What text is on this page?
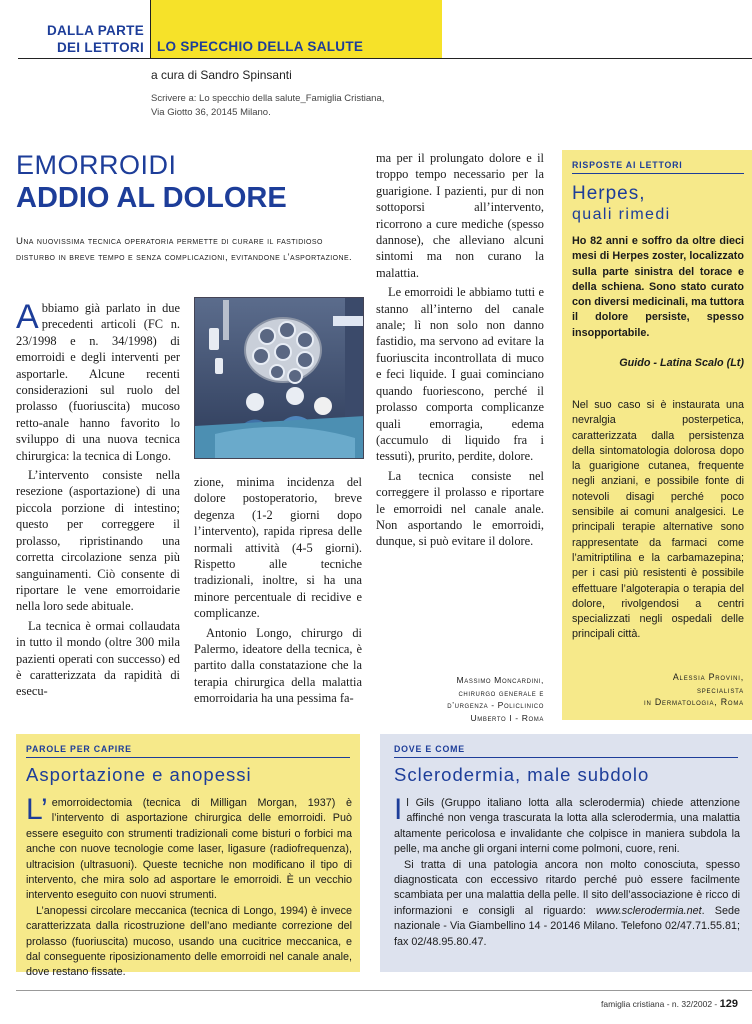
DALLA PARTE
DEI LETTORI LO SPECCHIO DELLA SALUTE
a cura di Sandro Spinsanti
Scrivere a: Lo specchio della salute_Famiglia Cristiana,
Via Giotto 36, 20145 Milano.
EMORROIDI
ADDIO AL DOLORE
Una nuovissima tecnica operatoria permette di curare il fastidioso disturbo in breve tempo e senza complicazioni, evitandone l’asportazione.

Abbiamo già parlato in due precedenti articoli (FC n. 23/1998 e n. 34/1998) di emorroidi e degli interventi per asportarle. Alcune recenti considerazioni sul ruolo del prolasso (fuoriuscita) mucoso retto-anale hanno favorito lo sviluppo di una nuova tecnica chirurgica: la tecnica di Longo.

L’intervento consiste nella resezione (asportazione) di una piccola porzione di intestino; questo per correggere il prolasso, ripristinando una corretta circolazione senza più sanguinamenti. Ciò consente di riportare le vene emorroidarie nella loro sede abituale.

La tecnica è ormai collaudata in tutto il mondo (oltre 300 mila pazienti operati con successo) ed è caratterizzata da rapidità di esecu-

zione, minima incidenza del dolore postoperatorio, breve degenza (1-2 giorni dopo l’intervento), rapida ripresa delle normali attività (4-5 giorni). Rispetto alle tecniche tradizionali, inoltre, si ha una minore percentuale di recidive e complicanze.

Antonio Longo, chirurgo di Palermo, ideatore della tecnica, è partito dalla constatazione che la terapia chirurgica della malattia emorroidaria ha una pessima fa-

ma per il prolungato dolore e il troppo tempo necessario per la guarigione. I pazienti, pur di non sottoporsi all’intervento, ricorrono a cure mediche (spesso dannose), che alleviano alcuni sintomi ma non curano la malattia.

Le emorroidi le abbiamo tutti e stanno all’interno del canale anale; lì non solo non danno fastidio, ma servono ad evitare la fuoriuscita incontrollata di muco e feci liquide. I guai cominciano quando fuoriescono, perché il prolasso comporta complicanze quali emorragia, edema (accumulo di liquido fra i tessuti), prurito, perdite, dolore.

La tecnica consiste nel correggere il prolasso e riportare le emorroidi nel canale anale. Non asportando le emorroidi, dunque, si può evitare il dolore.

Massimo Moncardini,
chirurgo generale e
d’urgenza - Policlinico
Umberto I - Roma
RISPOSTE AI LETTORI
Herpes,
quali rimedi
Ho 82 anni e soffro da oltre dieci mesi di Herpes zoster, localizzato sulla parte sinistra del torace e della schiena. Sono stato curato con diversi medicinali, ma tuttora il dolore persiste, spesso insopportabile.
Guido - Latina Scalo (Lt)

Nel suo caso si è instaurata una nevralgia posterpetica, caratterizzata dalla persistenza della sintomatologia dolorosa dopo la guarigione cutanea, frequente negli anziani, e possibile fonte di notevoli disagi perché poco sensibile ai comuni analgesici. Le principali terapie alternative sono rappresentate da farmaci come l’amitriptilina e la carbamazepina; per i casi più resistenti è possibile effettuare l’algoterapia o terapia del dolore, rivolgendosi a centri specializzati negli ospedali delle principali città.

Alessia Provini,
specialista
in Dermatologia, Roma
PAROLE PER CAPIRE
Asportazione e anopessi

L’ emorroidectomia (tecnica di Milligan Morgan, 1937) è l’intervento di asportazione chirurgica delle emorroidi. Può essere eseguito con strumenti tradizionali come bisturi o forbici ma anche con nuove tecnologie come laser, ligasure (radiofrequenza), ultracision (ultrasuoni). Queste tecniche non modificano il tipo di intervento, che mira solo ad asportare le emorroidi. È un vecchio intervento eseguito con nuovi strumenti.

L’anopessi circolare meccanica (tecnica di Longo, 1994) è invece caratterizzata dalla ricostruzione dell’ano mediante correzione del prolasso (fuoriuscita) mucoso, usando una cucitrice meccanica, e dal conseguente riposizionamento delle emorroidi nel canale anale, dove restano fissate.

DOVE E COME
Sclerodermia, male subdolo

Il Gils (Gruppo italiano lotta alla sclerodermia) chiede attenzione affinché non venga trascurata la lotta alla sclerodermia, una malattia altamente pericolosa e invalidante che colpisce in maniera subdola la pelle, ma anche gli organi interni come polmoni, cuore, reni.

Si tratta di una patologia ancora non molto conosciuta, spesso diagnosticata con eccessivo ritardo perché può essere facilmente scambiata per una malattia della pelle. Il sito dell’associazione è ricco di informazioni e consigli al riguardo: www.sclerodermia.net. Sede nazionale - Via Giambellino 14 - 20146 Milano. Telefono 02/47.71.55.81; fax 02/48.95.80.47.

famiglia cristiana - n. 32/2002 - 129
